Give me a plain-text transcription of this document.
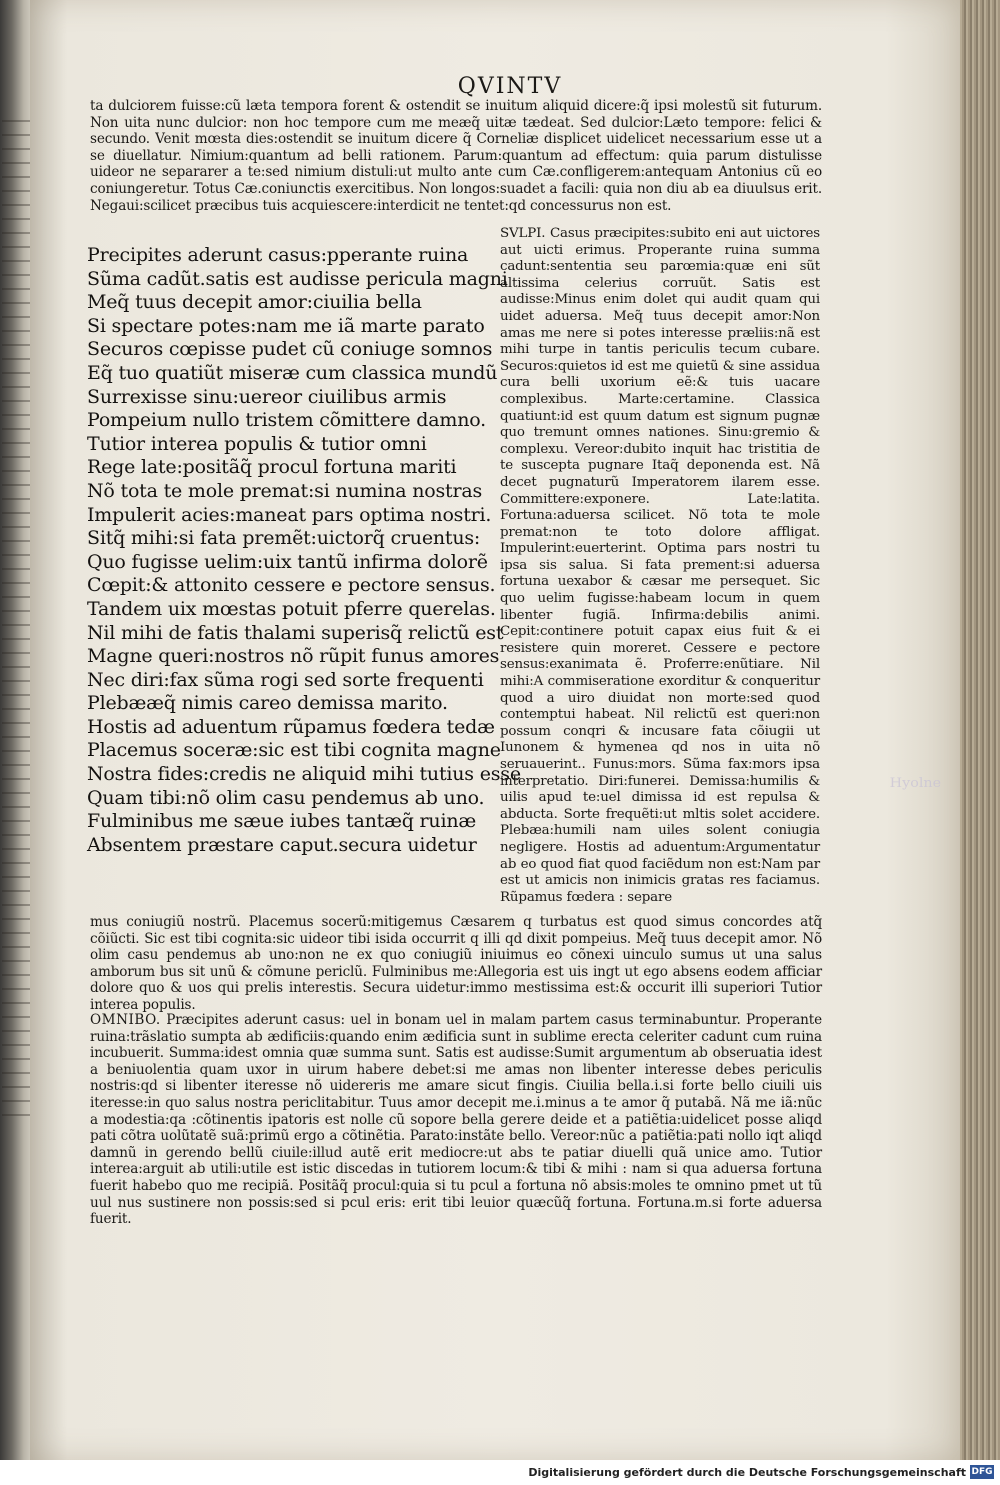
QVINTV

ta dulciorem fuisse:cũ læta tempora forent & ostendit se inuitum aliquid dicere:q̃ ipsi molestũ sit futurum. Non uita nunc dulcior: non hoc tempore cum me meæq̃ uitæ tædeat. Sed dulcior:Læto tempore: felici & secundo. Venit mœsta dies:ostendit se inuitum dicere q̃ Corneliæ displicet uidelicet necessarium esse ut a se diuellatur. Nimium:quantum ad belli rationem. Parum:quantum ad effectum: quia parum distulisse uideor ne separarer a te:sed nimium distuli:ut multo ante cum Cæ.confligerem:antequam Antonius cũ eo coniungeretur. Totus Cæ.coniunctis exercitibus. Non longos:suadet a facili: quia non diu ab ea diuulsus erit. Negaui:scilicet præcibus tuis acquiescere:interdicit ne tentet:qd concessurus non est.

Precipites aderunt casus:pperante ruina
Sũma cadũt.satis est audisse pericula magni
Meq̃ tuus decepit amor:ciuilia bella
Si spectare potes:nam me iã marte parato
Securos cœpisse pudet cũ coniuge somnos
Eq̃ tuo quatiũt miseræ cum classica mundũ
Surrexisse sinu:uereor ciuilibus armis
Pompeium nullo tristem cõmittere damno.
Tutior interea populis & tutior omni
Rege late:positãq̃ procul fortuna mariti
Nõ tota te mole premat:si numina nostras
Impulerit acies:maneat pars optima nostri.
Sitq̃ mihi:si fata premẽt:uictorq̃ cruentus:
Quo fugisse uelim:uix tantũ infirma dolorẽ
Cœpit:& attonito cessere e pectore sensus.
Tandem uix mœstas potuit pferre querelas.
Nil mihi de fatis thalami superisq̃ relictũ est
Magne queri:nostros nõ rũpit funus amores
Nec diri:fax sũma rogi sed sorte frequenti
Plebææq̃ nimis careo demissa marito.
Hostis ad aduentum rũpamus fœdera tedæ
Placemus soceræ:sic est tibi cognita magne
Nostra fides:credis ne aliquid mihi tutius esse
Quam tibi:nõ olim casu pendemus ab uno.
Fulminibus me sæue iubes tantæq̃ ruinæ
Absentem præstare caput.secura uidetur

SVLPI. Casus præcipites:subito eni aut uictores aut uicti erimus. Properante ruina summa cadunt:sententia seu parœmia:quæ eni sũt altissima celerius corruũt. Satis est audisse:Minus enim dolet qui audit quam qui uidet aduersa. Meq̃ tuus decepit amor:Non amas me nere si potes interesse præliis:nã est mihi turpe in tantis periculis tecum cubare. Securos:quietos id est me quietũ & sine assidua cura belli uxorium eẽ:& tuis uacare complexibus. Marte:certamine. Classica quatiunt:id est quum datum est signum pugnæ quo tremunt omnes nationes. Sinu:gremio & complexu. Vereor:dubito inquit hac tristitia de te suscepta pugnare Itaq̃ deponenda est. Nã decet pugnaturũ Imperatorem ilarem esse. Committere:exponere. Late:latita. Fortuna:aduersa scilicet. Nõ tota te mole premat:non te toto dolore affligat. Impulerint:euerterint. Optima pars nostri tu ipsa sis salua. Si fata prement:si aduersa fortuna uexabor & cæsar me persequet. Sic quo uelim fugisse:habeam locum in quem libenter fugiã. Infirma:debilis animi. Cepit:continere potuit capax eius fuit & ei resistere quin moreret. Cessere e pectore sensus:exanimata ẽ. Proferre:enũtiare. Nil mihi:A commiseratione exorditur & conqueritur quod a uiro diuidat non morte:sed quod contemptui habeat. Nil relictũ est queri:non possum conqri & incusare fata cõiugii ut Iunonem & hymenea qd nos in uita nõ seruauerint.. Funus:mors. Sũma fax:mors ipsa interpretatio. Diri:funerei. Demissa:humilis & uilis apud te:uel dimissa id est repulsa & abducta. Sorte frequẽti:ut mltis solet accidere. Plebæa:humili nam uiles solent coniugia negligere. Hostis ad aduentum:Argumentatur ab eo quod fiat quod faciẽdum non est:Nam par est ut amicis non inimicis gratas res faciamus. Rũpamus fœdera : separe

mus coniugiũ nostrũ. Placemus socerũ:mitigemus Cæsarem q turbatus est quod simus concordes atq̃ cõiũcti. Sic est tibi cognita:sic uideor tibi isida occurrit q illi qd dixit pompeius. Meq̃ tuus decepit amor. Nõ olim casu pendemus ab uno:non ne ex quo coniugiũ iniuimus eo cõnexi uinculo sumus ut una salus amborum bus sit unũ & cõmune periclũ. Fulminibus me:Allegoria est uis ingt ut ego absens eodem afficiar dolore quo & uos qui prelis interestis. Secura uidetur:immo mestissima est:& occurit illi superiori Tutior interea populis.

OMNIBO. Præcipites aderunt casus: uel in bonam uel in malam partem casus terminabuntur. Properante ruina:trãslatio sumpta ab ædificiis:quando enim ædificia sunt in sublime erecta celeriter cadunt cum ruina incubuerit. Summa:idest omnia quæ summa sunt. Satis est audisse:Sumit argumentum ab obseruatia idest a beniuolentia quam uxor in uirum habere debet:si me amas non libenter interesse debes periculis nostris:qd si libenter iteresse nõ uidereris me amare sicut fingis. Ciuilia bella.i.si forte bello ciuili uis iteresse:in quo salus nostra periclitabitur. Tuus amor decepit me.i.minus a te amor q̃ putabã. Nã me iã:nũc a modestia:qa :cõtinentis ipatoris est nolle cũ sopore bella gerere deide et a patiẽtia:uidelicet posse aliqd pati cõtra uolũtatẽ suã:primũ ergo a cõtinẽtia. Parato:instãte bello. Vereor:nũc a patiẽtia:pati nollo iqt aliqd damnũ in gerendo bellũ ciuile:illud autẽ erit mediocre:ut abs te patiar diuelli quã unice amo. Tutior interea:arguit ab utili:utile est istic discedas in tutiorem locum:& tibi & mihi : nam si qua aduersa fortuna fuerit habebo quo me recipiã. Positãq̃ procul:quia si tu pcul a fortuna nõ absis:moles te omnino pmet ut tũ uul nus sustinere non possis:sed si pcul eris: erit tibi leuior quæcũq̃ fortuna. Fortuna.m.si forte aduersa fuerit.

Hyolne
Digitalisierung gefördert durch die Deutsche Forschungsgemeinschaft DFG
